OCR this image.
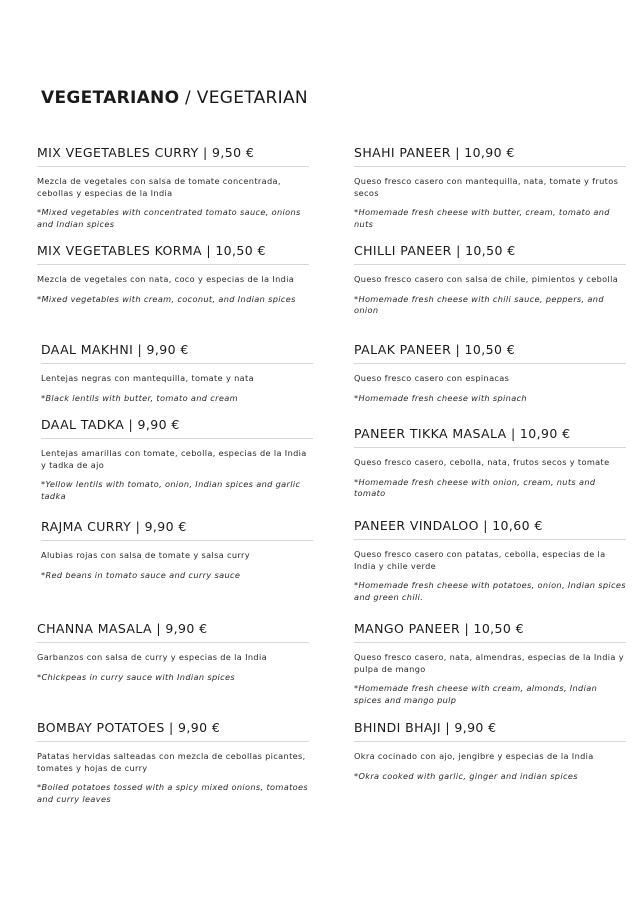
VEGETARIANO / VEGETARIAN
MIX VEGETABLES CURRY | 9,50 €

Mezcla de vegetales con salsa de tomate concentrada, cebollas y especias de la India

*Mixed vegetables with concentrated tomato sauce, onions and Indian spices

MIX VEGETABLES KORMA | 10,50 €

Mezcla de vegetales con nata, coco y especias de la India

*Mixed vegetables with cream, coconut, and Indian spices

DAAL MAKHNI | 9,90 €

Lentejas negras con mantequilla, tomate y nata

*Black lentils with butter, tomato and cream

DAAL TADKA | 9,90 €

Lentejas amarillas con tomate, cebolla, especias de la India y tadka de ajo

*Yellow lentils with tomato, onion, Indian spices and garlic tadka

RAJMA CURRY | 9,90 €

Alubias rojas con salsa de tomate y salsa curry

*Red beans in tomato sauce and curry sauce

CHANNA MASALA | 9,90 €

Garbanzos con salsa de curry y especias de la India

*Chickpeas in curry sauce with Indian spices

BOMBAY POTATOES | 9,90 €

Patatas hervidas salteadas con mezcla de cebollas picantes, tomates y hojas de curry

*Boiled potatoes tossed with a spicy mixed onions, tomatoes and curry leaves

SHAHI PANEER | 10,90 €

Queso fresco casero con mantequilla, nata, tomate y frutos secos

*Homemade fresh cheese with butter, cream, tomato and nuts

CHILLI PANEER | 10,50 €

Queso fresco casero con salsa de chile, pimientos y cebolla

*Homemade fresh cheese with chili sauce, peppers, and onion

PALAK PANEER | 10,50 €

Queso fresco casero con espinacas

*Homemade fresh cheese with spinach

PANEER TIKKA MASALA | 10,90 €

Queso fresco casero, cebolla, nata, frutos secos y tomate

*Homemade fresh cheese with onion, cream, nuts and tomato

PANEER VINDALOO | 10,60 €

Queso fresco casero con patatas, cebolla, especias de la India y chile verde

*Homemade fresh cheese with potatoes, onion, Indian spices and green chili.

MANGO PANEER | 10,50 €

Queso fresco casero, nata, almendras, especias de la India y pulpa de mango

*Homemade fresh cheese with cream, almonds, Indian spices and mango pulp

BHINDI BHAJI | 9,90 €

Okra cocinado con ajo, jengibre y especias de la India

*Okra cooked with garlic, ginger and indian spices
